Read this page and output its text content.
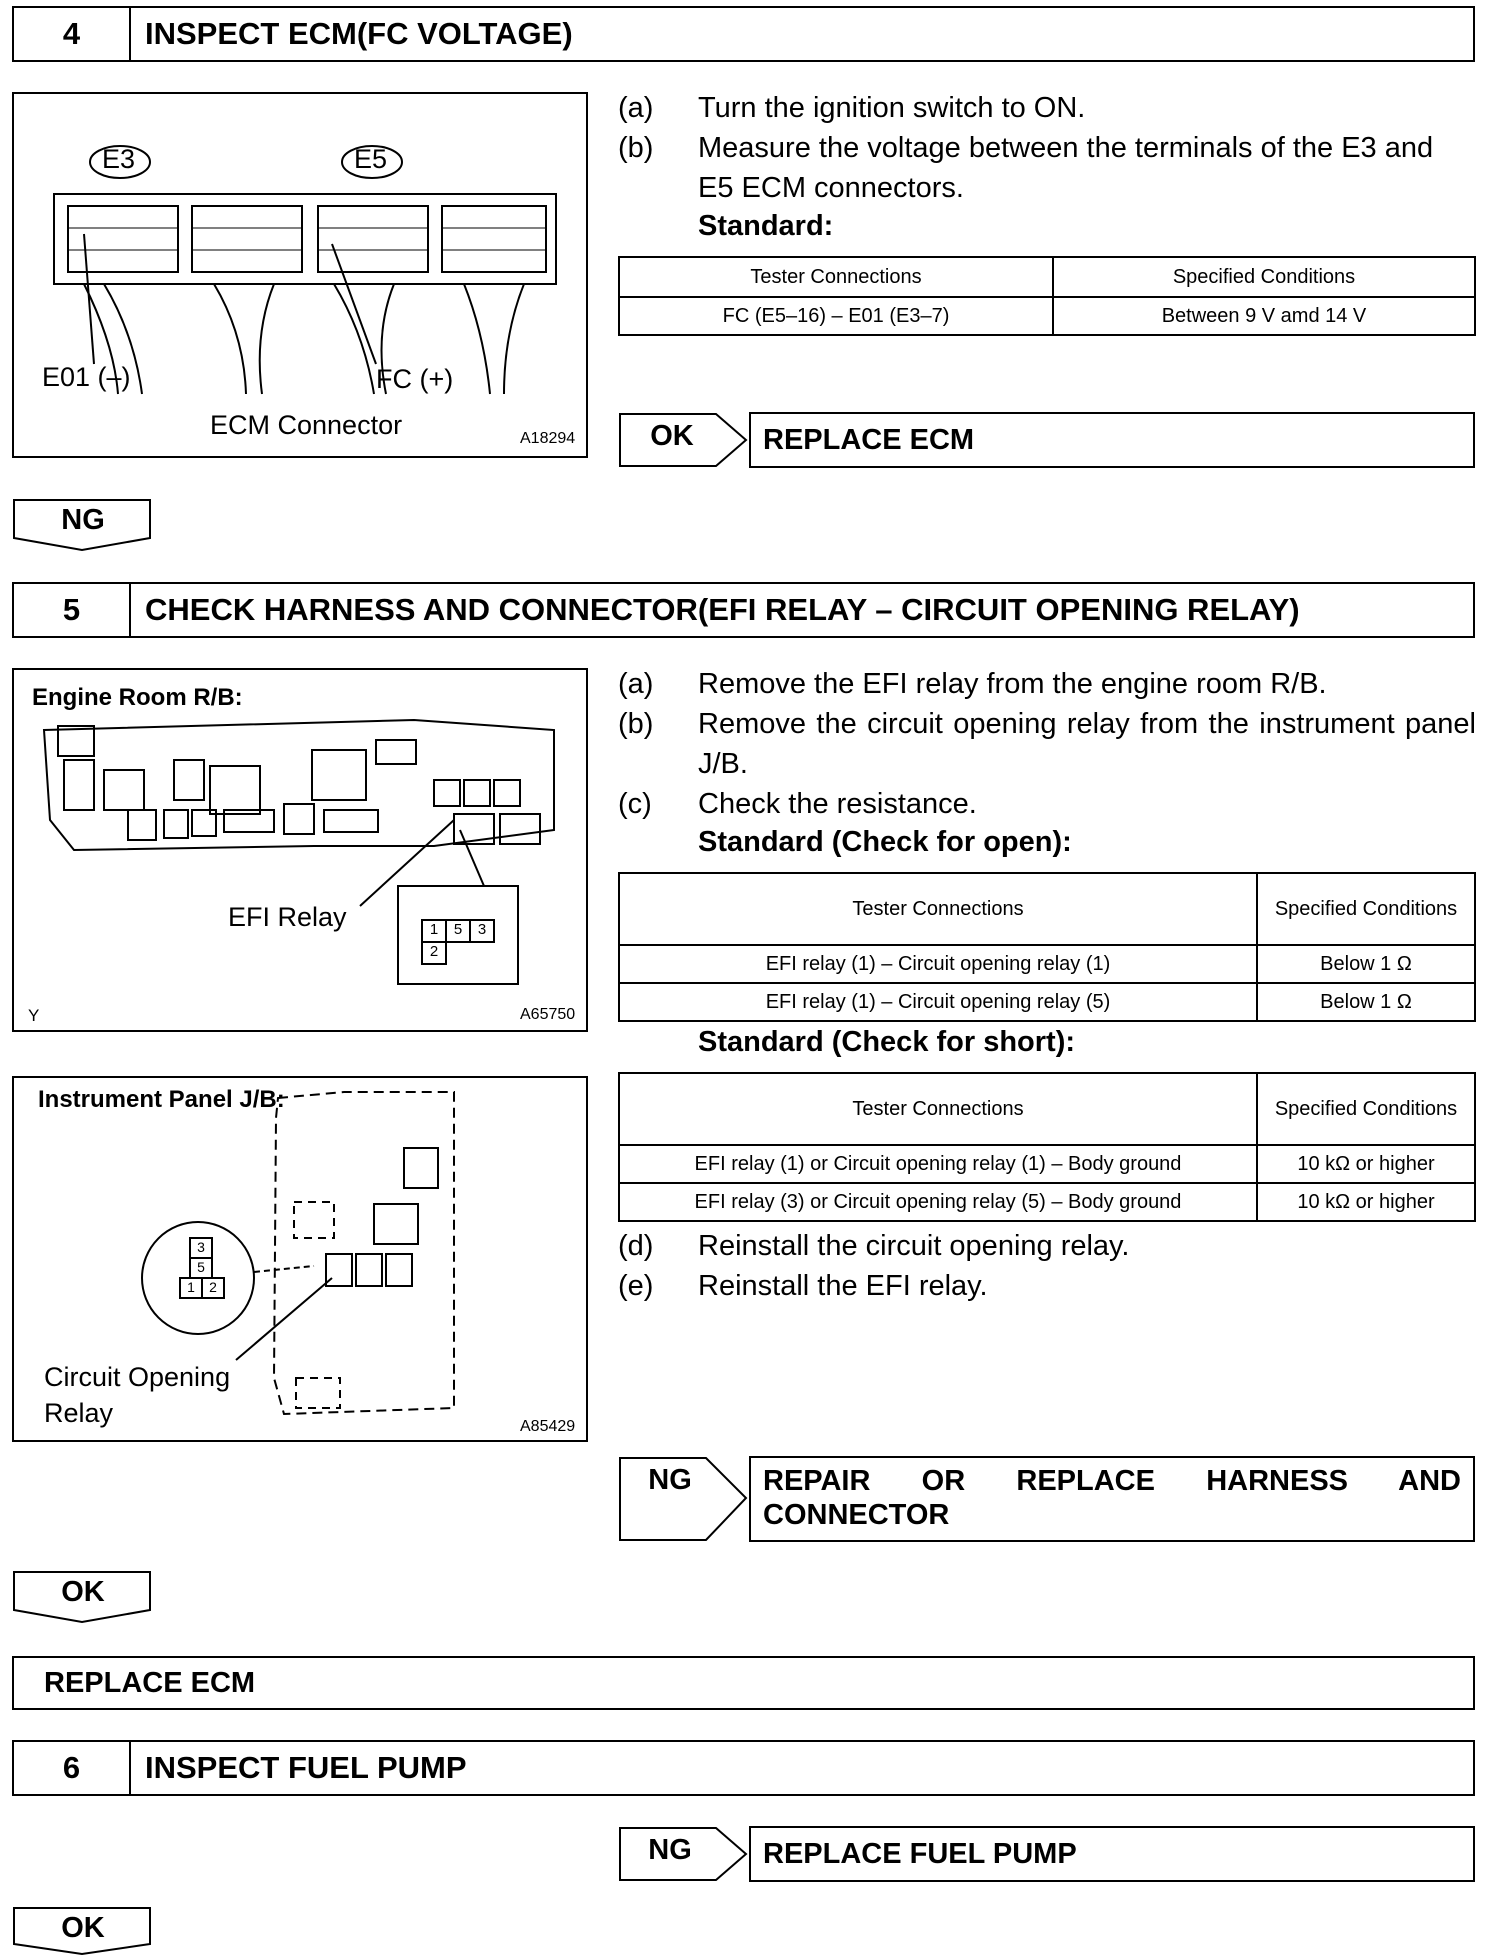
4	INSPECT ECM(FC VOLTAGE)
E3	E5
E01 (–)	FC (+)
ECM Connector	A18294
(a)	Turn the ignition switch to ON.
(b)	Measure the voltage between the terminals of the E3 and E5 ECM connectors.
Standard:
Tester Connections	Specified Conditions
FC (E5–16) – E01 (E3–7)	Between 9 V amd 14 V
OK	REPLACE ECM
NG
5	CHECK HARNESS AND CONNECTOR(EFI RELAY – CIRCUIT OPENING RELAY)
Engine Room R/B:
EFI Relay	1	5	3
2
Y	A65750
Instrument Panel J/B:
3
5
1	2
Circuit Opening
Relay	A85429
(a)	Remove the EFI relay from the engine room R/B.
(b)	Remove the circuit opening relay from the instrument panel J/B.
(c)	Check the resistance.
Standard (Check for open):
Tester Connections	Specified Conditions
EFI relay (1) – Circuit opening relay (1)	Below 1 Ω
EFI relay (1) – Circuit opening relay (5)	Below 1 Ω
Standard (Check for short):
Tester Connections	Specified Conditions
EFI relay (1) or Circuit opening relay (1) – Body ground	10 kΩ or higher
EFI relay (3) or Circuit opening relay (5) – Body ground	10 kΩ or higher
(d)	Reinstall the circuit opening relay.
(e)	Reinstall the EFI relay.
NG	REPAIR OR REPLACE HARNESS AND
CONNECTOR
OK
REPLACE ECM
6	INSPECT FUEL PUMP
NG	REPLACE FUEL PUMP
OK
